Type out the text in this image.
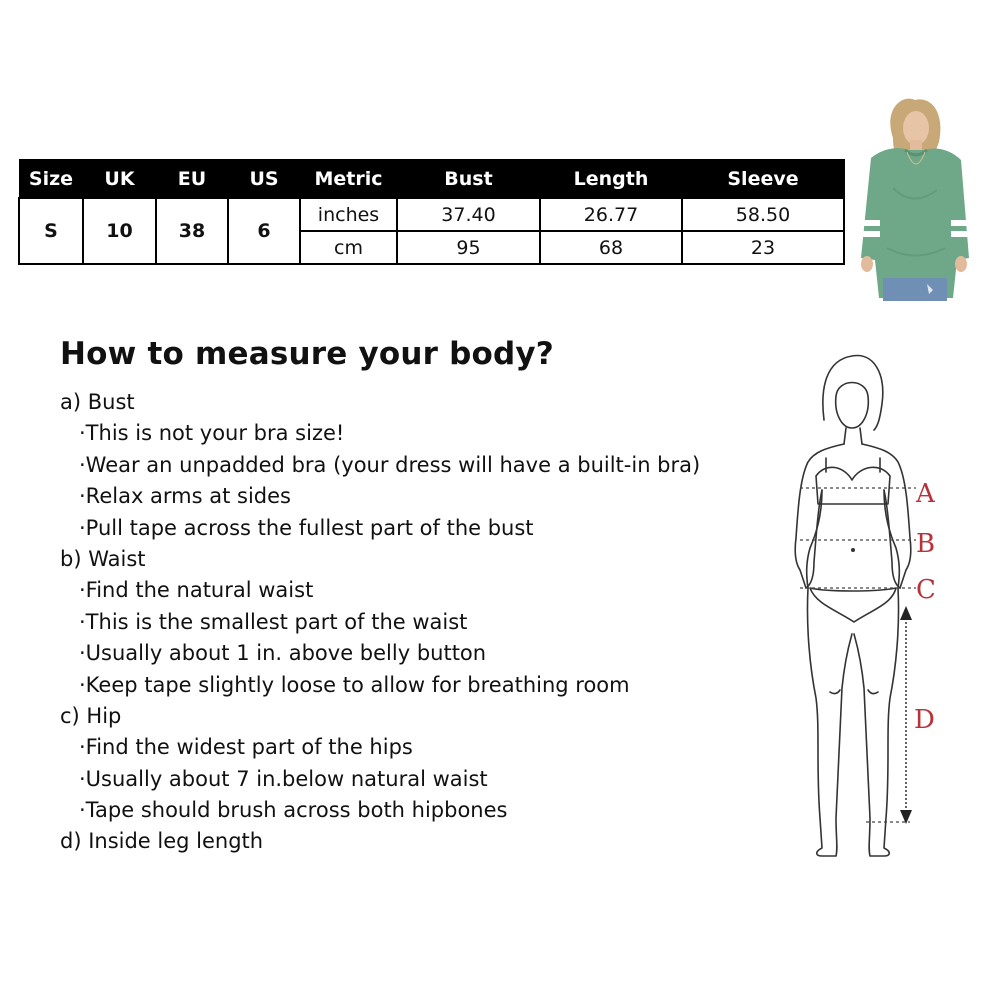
Size	UK	EU	US	Metric	Bust	Length	Sleeve
S	10	38	6	inches	37.40	26.77	58.50
				cm	95	68	23
How to measure your body?
a) Bust
·This is not your bra size!
·Wear an unpadded bra (your dress will have a built-in bra)
·Relax arms at sides
·Pull tape across the fullest part of the bust
b) Waist
·Find the natural waist
·This is the smallest part of the waist
·Usually about 1 in. above belly button
·Keep tape slightly loose to allow for breathing room
c) Hip
·Find the widest part of the hips
·Usually about 7 in.below natural waist
·Tape should brush across both hipbones
d) Inside leg length
A
B
C
D
